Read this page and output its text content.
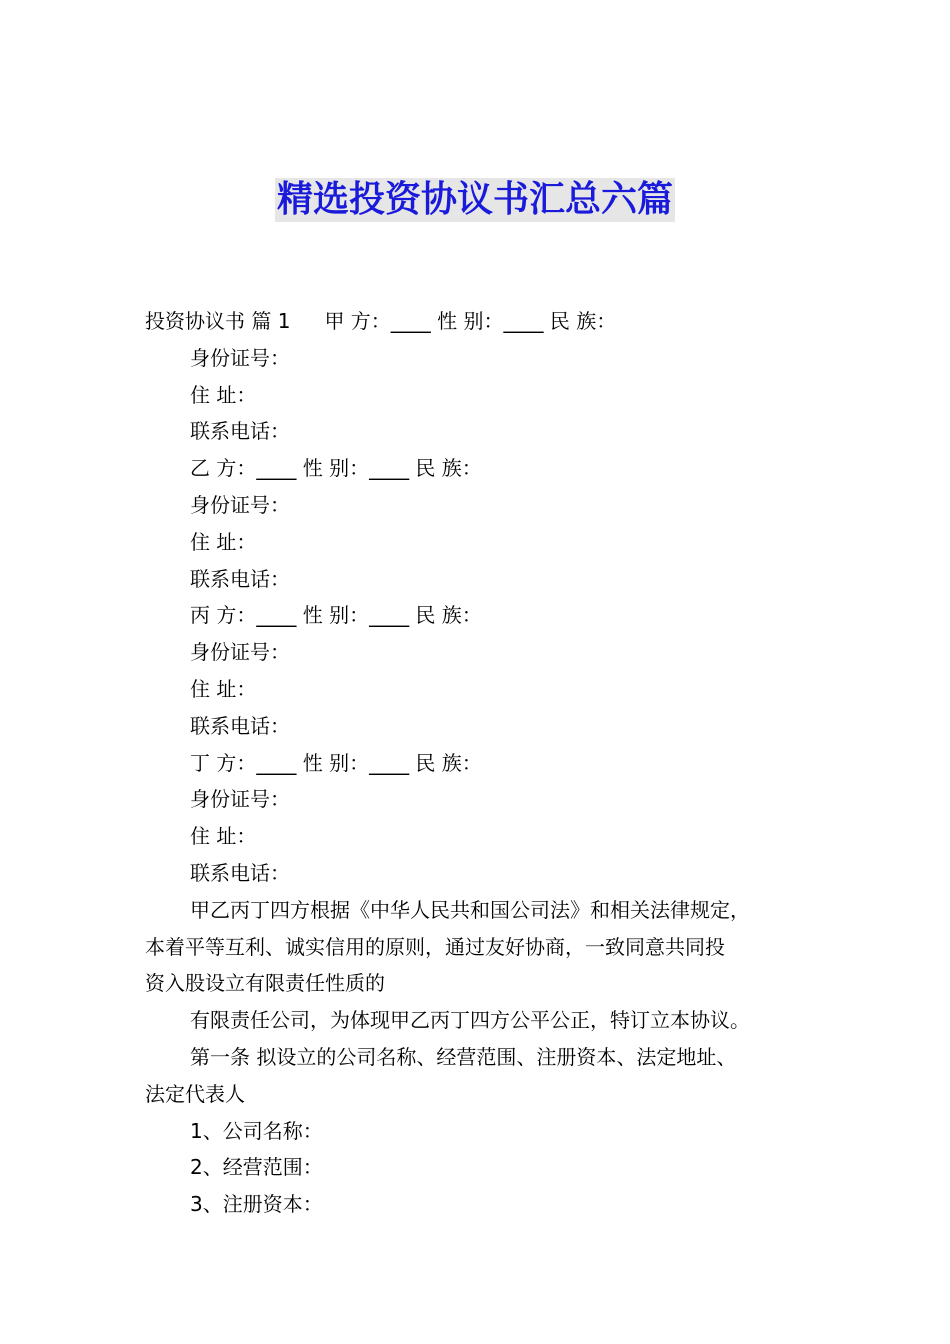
精选投资协议书汇总六篇

投资协议书 篇 1 甲 方：____ 性 别：____ 民 族：

身份证号：

住 址：

联系电话：

乙 方：____ 性 别：____ 民 族：

身份证号：

住 址：

联系电话：

丙 方：____ 性 别：____ 民 族：

身份证号：

住 址：

联系电话：

丁 方：____ 性 别：____ 民 族：

身份证号：

住 址：

联系电话：

甲乙丙丁四方根据《中华人民共和国公司法》和相关法律规定，

本着平等互利、诚实信用的原则，通过友好协商，一致同意共同投

资入股设立有限责任性质的

有限责任公司，为体现甲乙丙丁四方公平公正，特订立本协议。

第一条 拟设立的公司名称、经营范围、注册资本、法定地址、

法定代表人

1、公司名称：

2、经营范围：

3、注册资本：
